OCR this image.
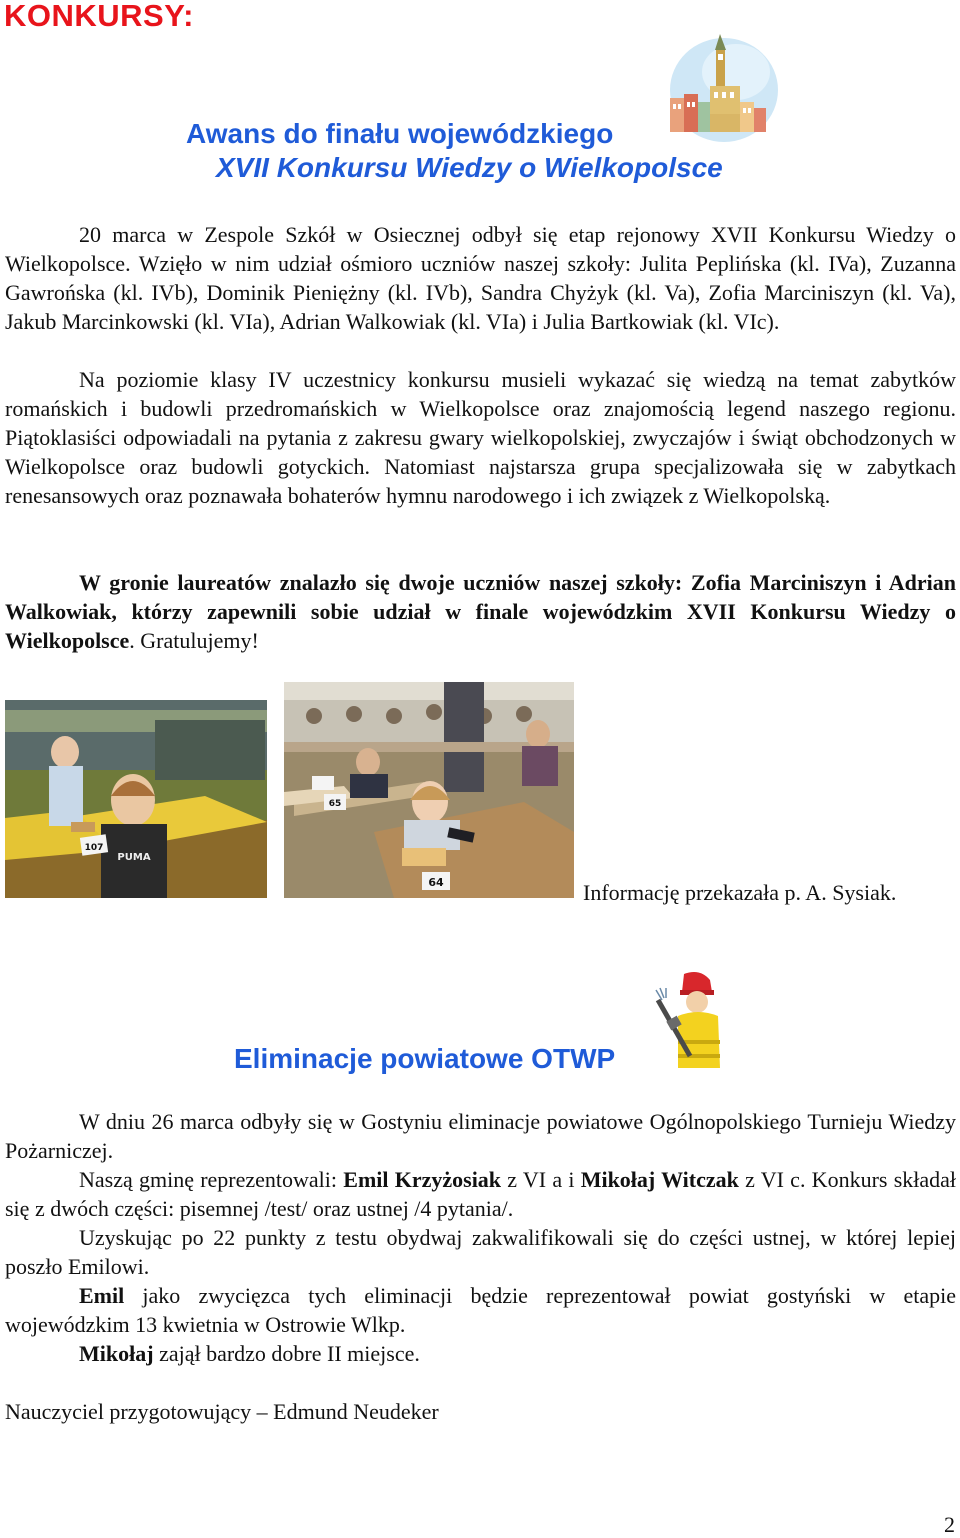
KONKURSY:
Awans do finału wojewódzkiego
XVII Konkursu Wiedzy o Wielkopolsce

20 marca w Zespole Szkół w Osiecznej odbył się etap rejonowy XVII Konkursu Wiedzy o Wielkopolsce. Wzięło w nim udział ośmioro uczniów naszej szkoły: Julita Peplińska (kl. IVa), Zuzanna Gawrońska (kl. IVb), Dominik Pieniężny (kl. IVb), Sandra Chyżyk (kl. Va), Zofia Marciniszyn (kl. Va), Jakub Marcinkowski (kl. VIa), Adrian Walkowiak (kl. VIa) i Julia Bartkowiak (kl. VIc).

Na poziomie klasy IV uczestnicy konkursu musieli wykazać się wiedzą na temat zabytków romańskich i budowli przedromańskich w Wielkopolsce oraz znajomością legend naszego regionu. Piątoklasiści odpowiadali na pytania z zakresu gwary wielkopolskiej, zwyczajów i świąt obchodzonych w Wielkopolsce oraz budowli gotyckich. Natomiast najstarsza grupa specjalizowała się w zabytkach renesansowych oraz poznawała bohaterów hymnu narodowego i ich związek z Wielkopolską.

W gronie laureatów znalazło się dwoje uczniów naszej szkoły: Zofia Marciniszyn i Adrian Walkowiak, którzy zapewnili sobie udział w finale wojewódzkim XVII Konkursu Wiedzy o Wielkopolsce. Gratulujemy!

PUMA
107
65
64	Informację przekazała p. A. Sysiak.
Eliminacje powiatowe OTWP

W dniu 26 marca odbyły się w Gostyniu eliminacje powiatowe Ogólnopolskiego Turnieju Wiedzy Pożarniczej.

Naszą gminę reprezentowali: Emil Krzyżosiak z VI a i Mikołaj Witczak z VI c. Konkurs składał się z dwóch części: pisemnej /test/ oraz ustnej /4 pytania/.

Uzyskując po 22 punkty z testu obydwaj zakwalifikowali się do części ustnej, w której lepiej poszło Emilowi.

Emil jako zwycięzca tych eliminacji będzie reprezentował powiat gostyński w etapie wojewódzkim 13 kwietnia w Ostrowie Wlkp.

Mikołaj zajął bardzo dobre II miejsce.

Nauczyciel przygotowujący – Edmund Neudeker

2
